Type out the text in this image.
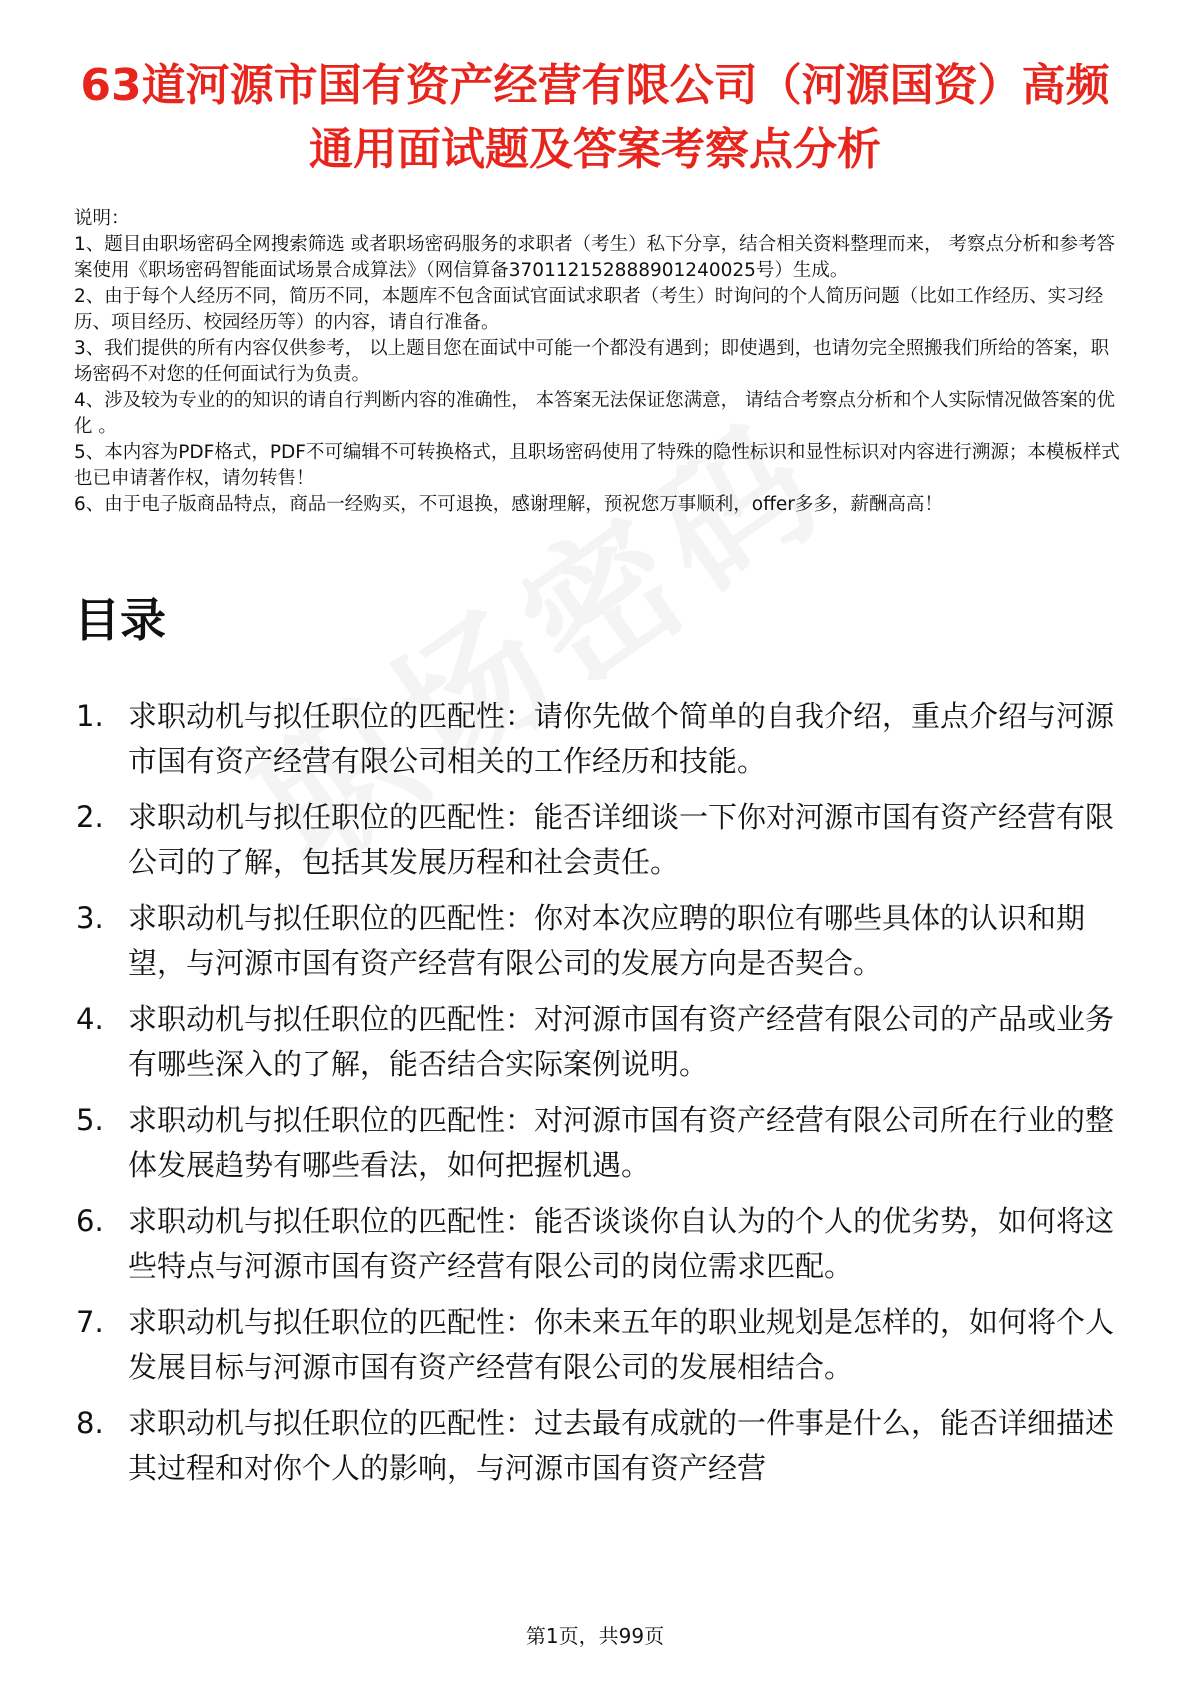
63道河源市国有资产经营有限公司（河源国资）高频通用面试题及答案考察点分析
说明：
1、题目由职场密码全网搜索筛选 或者职场密码服务的求职者（考生）私下分享，结合相关资料整理而来， 考察点分析和参考答案使用《职场密码智能面试场景合成算法》（网信算备370112152888901240025号）生成。
2、由于每个人经历不同，简历不同，本题库不包含面试官面试求职者（考生）时询问的个人简历问题（比如工作经历、实习经历、项目经历、校园经历等）的内容，请自行准备。
3、我们提供的所有内容仅供参考， 以上题目您在面试中可能一个都没有遇到；即使遇到，也请勿完全照搬我们所给的答案，职场密码不对您的任何面试行为负责。
4、涉及较为专业的的知识的请自行判断内容的准确性， 本答案无法保证您满意， 请结合考察点分析和个人实际情况做答案的优化 。
5、本内容为PDF格式，PDF不可编辑不可转换格式，且职场密码使用了特殊的隐性标识和显性标识对内容进行溯源；本模板样式也已申请著作权，请勿转售！
6、由于电子版商品特点，商品一经购买，不可退换，感谢理解，预祝您万事顺利，offer多多，薪酬高高！
目录
1. 求职动机与拟任职位的匹配性：请你先做个简单的自我介绍，重点介绍与河源市国有资产经营有限公司相关的工作经历和技能。
2. 求职动机与拟任职位的匹配性：能否详细谈一下你对河源市国有资产经营有限公司的了解，包括其发展历程和社会责任。
3. 求职动机与拟任职位的匹配性：你对本次应聘的职位有哪些具体的认识和期望，与河源市国有资产经营有限公司的发展方向是否契合。
4. 求职动机与拟任职位的匹配性：对河源市国有资产经营有限公司的产品或业务有哪些深入的了解，能否结合实际案例说明。
5. 求职动机与拟任职位的匹配性：对河源市国有资产经营有限公司所在行业的整体发展趋势有哪些看法，如何把握机遇。
6. 求职动机与拟任职位的匹配性：能否谈谈你自认为的个人的优劣势，如何将这些特点与河源市国有资产经营有限公司的岗位需求匹配。
7. 求职动机与拟任职位的匹配性：你未来五年的职业规划是怎样的，如何将个人发展目标与河源市国有资产经营有限公司的发展相结合。
8. 求职动机与拟任职位的匹配性：过去最有成就的一件事是什么，能否详细描述其过程和对你个人的影响，与河源市国有资产经营
第1页，共99页
